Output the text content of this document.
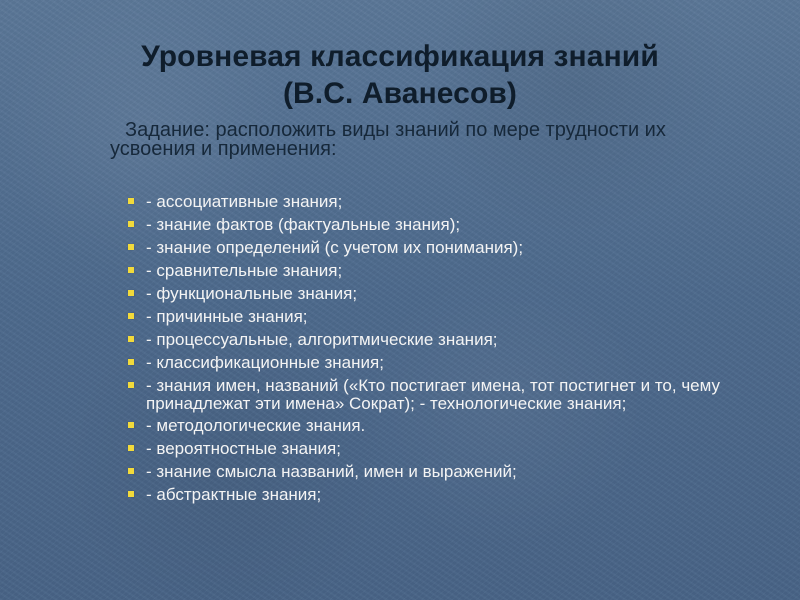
Уровневая классификация знаний
(В.С. Аванесов)
Задание: расположить виды знаний по мере трудности их усвоения и применения:
- ассоциативные знания;
- знание фактов (фактуальные знания);
- знание определений (с учетом их понимания);
- сравнительные знания;
- функциональные знания;
- причинные знания;
- процессуальные, алгоритмические знания;
- классификационные знания;
- знания имен, названий («Кто постигает имена, тот постигнет и то, чему принадлежат эти имена» Сократ); - технологические знания;
- методологические знания.
- вероятностные знания;
- знание смысла названий, имен и выражений;
- абстрактные знания;
